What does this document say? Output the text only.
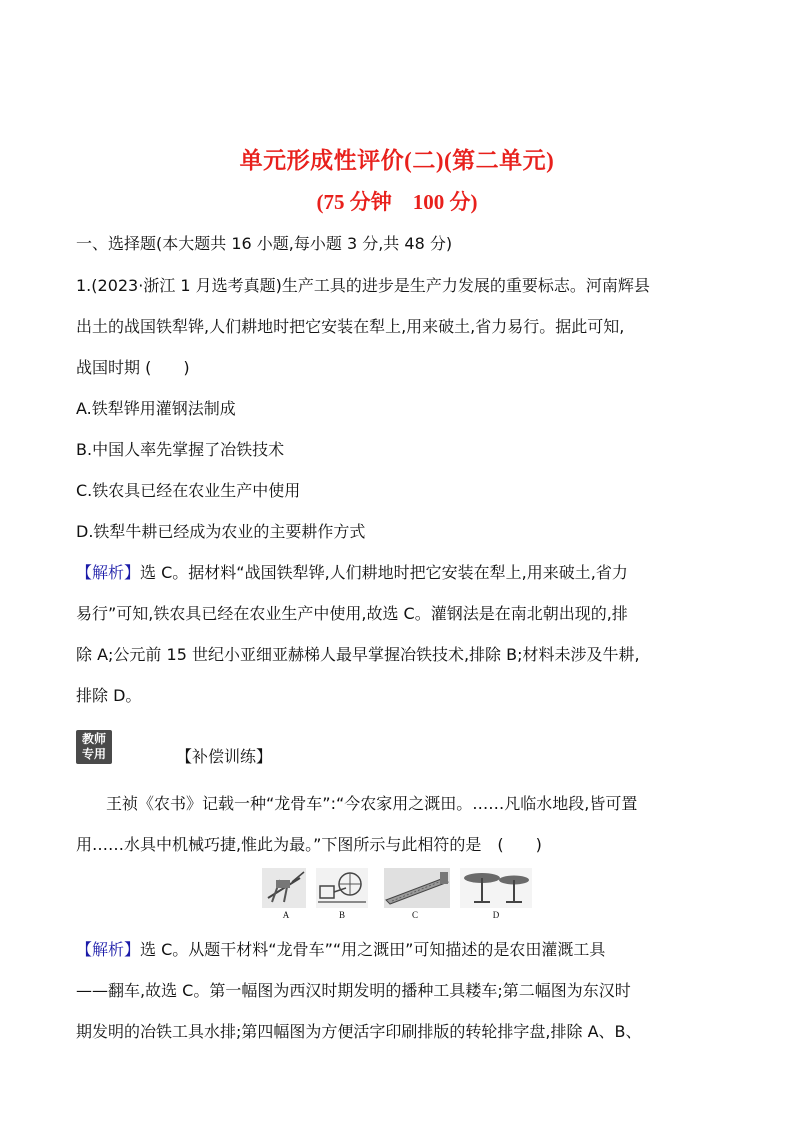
单元形成性评价(二)(第二单元)
(75 分钟　100 分)
一、选择题(本大题共 16 小题,每小题 3 分,共 48 分)
1.(2023·浙江 1 月选考真题)生产工具的进步是生产力发展的重要标志。河南辉县
出土的战国铁犁铧,人们耕地时把它安装在犁上,用来破土,省力易行。据此可知,
战国时期 (　　)
A.铁犁铧用灌钢法制成
B.中国人率先掌握了冶铁技术
C.铁农具已经在农业生产中使用
D.铁犁牛耕已经成为农业的主要耕作方式
【解析】选 C。据材料“战国铁犁铧,人们耕地时把它安装在犁上,用来破土,省力
易行”可知,铁农具已经在农业生产中使用,故选 C。灌钢法是在南北朝出现的,排
除 A;公元前 15 世纪小亚细亚赫梯人最早掌握冶铁技术,排除 B;材料未涉及牛耕,
排除 D。
教师
专用	【补偿训练】
王祯《农书》记载一种“龙骨车”:“今农家用之溉田。……凡临水地段,皆可置
用……水具中机械巧捷,惟此为最。”下图所示与此相符的是　(　　)
A	B	C	D
【解析】选 C。从题干材料“龙骨车”“用之溉田”可知描述的是农田灌溉工具
——翻车,故选 C。第一幅图为西汉时期发明的播种工具耧车;第二幅图为东汉时
期发明的冶铁工具水排;第四幅图为方便活字印刷排版的转轮排字盘,排除 A、B、
